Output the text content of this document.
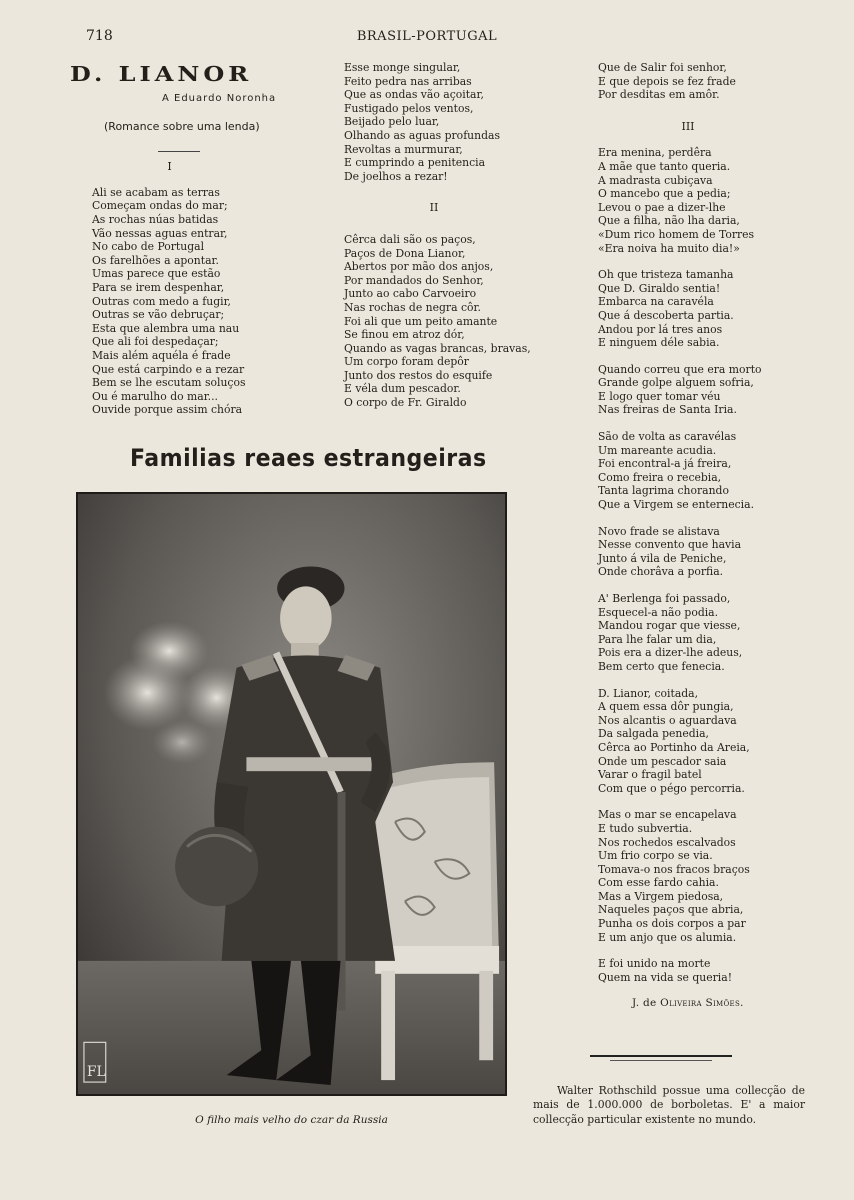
718	BRASIL-PORTUGAL
D. LIANOR
A Eduardo Noronha
(Romance sobre uma lenda)
I

Ali se acabam as terras

Começam ondas do mar;

As rochas núas batidas

Vão nessas aguas entrar,

No cabo de Portugal

Os farelhões a apontar.

Umas parece que estão

Para se irem despenhar,

Outras com medo a fugir,

Outras se vão debruçar;

Esta que alembra uma nau

Que ali foi despedaçar;

Mais além aquéla é frade

Que está carpindo e a rezar

Bem se lhe escutam soluços

Ou é marulho do mar...

Ouvide porque assim chóra

Esse monge singular,

Feito pedra nas arribas

Que as ondas vão açoitar,

Fustigado pelos ventos,

Beijado pelo luar,

Olhando as aguas profundas

Revoltas a murmurar,

E cumprindo a penitencia

De joelhos a rezar!

II

Cêrca dali são os paços,

Paços de Dona Lianor,

Abertos por mão dos anjos,

Por mandados do Senhor,

Junto ao cabo Carvoeiro

Nas rochas de negra côr.

Foi ali que um peito amante

Se finou em atroz dór,

Quando as vagas brancas, bravas,

Um corpo foram depôr

Junto dos restos do esquife

E véla dum pescador.

O corpo de Fr. Giraldo

Que de Salir foi senhor,

E que depois se fez frade

Por desditas em amôr.

III

Era menina, perdêra

A mãe que tanto queria.

A madrasta cubiçava

O mancebo que a pedia;

Levou o pae a dizer-lhe

Que a filha, não lha daria,

«Dum rico homem de Torres

«Era noiva ha muito dia!»

Oh que tristeza tamanha

Que D. Giraldo sentia!

Embarca na caravéla

Que á descoberta partia.

Andou por lá tres anos

E ninguem déle sabia.

Quando correu que era morto

Grande golpe alguem sofria,

E logo quer tomar véu

Nas freiras de Santa Iria.

São de volta as caravélas

Um mareante acudia.

Foi encontral-a já freira,

Como freira o recebia,

Tanta lagrima chorando

Que a Virgem se enternecia.

Novo frade se alistava

Nesse convento que havia

Junto á vila de Peniche,

Onde chorâva a porfia.

A' Berlenga foi passado,

Esquecel-a não podia.

Mandou rogar que viesse,

Para lhe falar um dia,

Pois era a dizer-lhe adeus,

Bem certo que fenecia.

D. Lianor, coitada,

A quem essa dôr pungia,

Nos alcantis o aguardava

Da salgada penedia,

Cêrca ao Portinho da Areia,

Onde um pescador saia

Varar o fragil batel

Com que o pégo percorria.

Mas o mar se encapelava

E tudo subvertia.

Nos rochedos escalvados

Um frio corpo se via.

Tomava-o nos fracos braços

Com esse fardo cahia.

Mas a Virgem piedosa,

Naqueles paços que abria,

Punha os dois corpos a par

E um anjo que os alumia.

E foi unido na morte

Quem na vida se queria!

J. de Oliveira Simões.
Familias reaes estrangeiras
FL
O filho mais velho do czar da Russia

Walter Rothschild possue uma collecção de mais de 1.000.000 de borboletas. E' a maior collecção particular existente no mundo.
